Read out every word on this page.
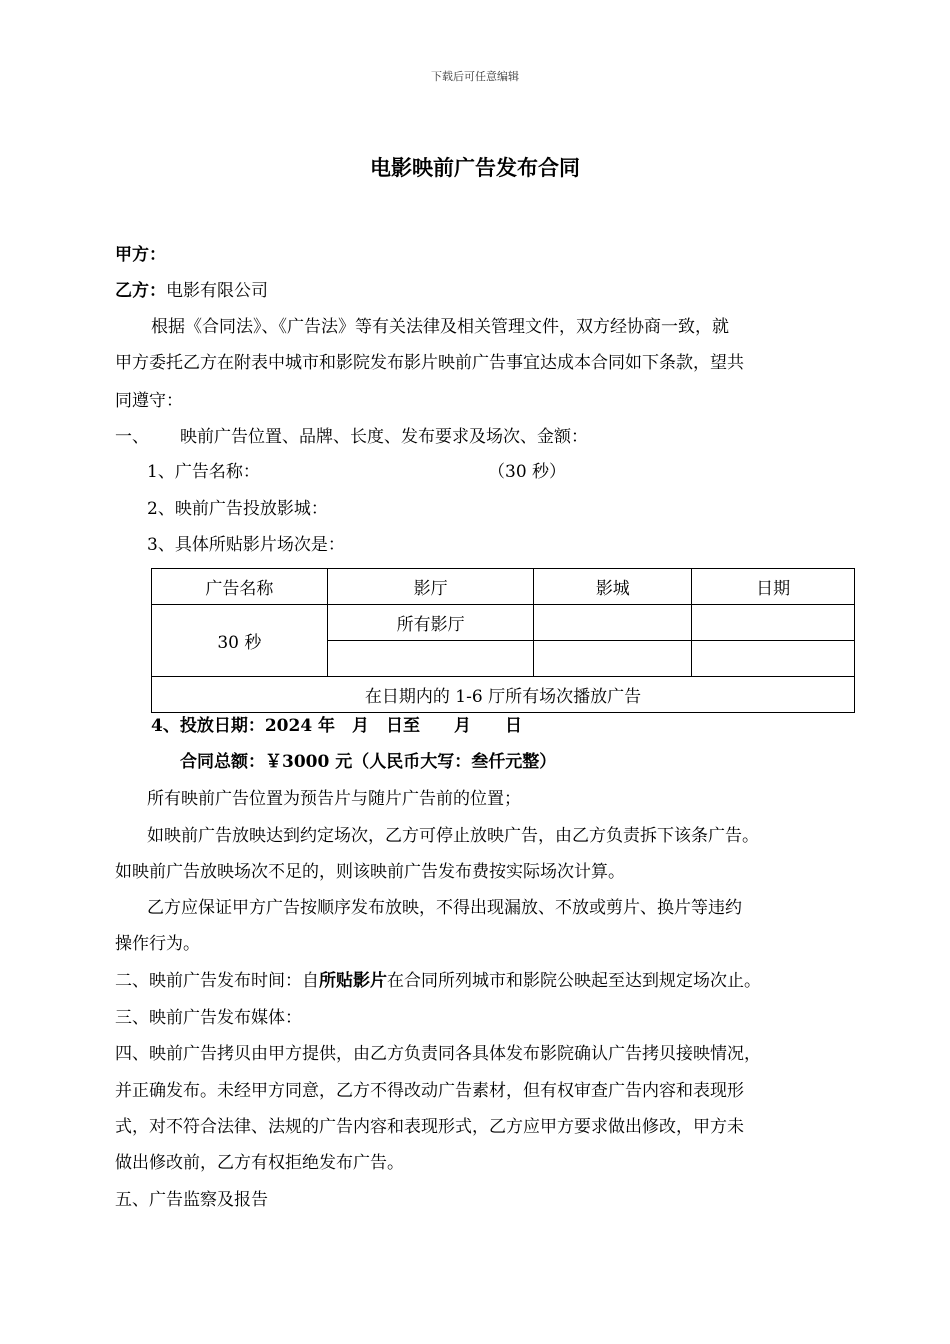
下载后可任意编辑
电影映前广告发布合同
甲方：
乙方：电影有限公司
根据《合同法》、《广告法》等有关法律及相关管理文件，双方经协商一致，就
甲方委托乙方在附表中城市和影院发布影片映前广告事宜达成本合同如下条款，望共
同遵守：
一、 映前广告位置、品牌、长度、发布要求及场次、金额：
1、广告名称：	（30 秒）
2、映前广告投放影城：
3、具体所贴影片场次是：
广告名称	影厅	影城	日期
30 秒	所有影厅		

在日期内的 1-6 厅所有场次播放广告			
4、投放日期：2024 年　月　日至　　月　　日
合同总额：￥3000 元（人民币大写：叁仟元整）
所有映前广告位置为预告片与随片广告前的位置；
如映前广告放映达到约定场次，乙方可停止放映广告，由乙方负责拆下该条广告。
如映前广告放映场次不足的，则该映前广告发布费按实际场次计算。
乙方应保证甲方广告按顺序发布放映，不得出现漏放、不放或剪片、换片等违约
操作行为。
二、映前广告发布时间：自所贴影片在合同所列城市和影院公映起至达到规定场次止。
三、映前广告发布媒体：
四、映前广告拷贝由甲方提供，由乙方负责同各具体发布影院确认广告拷贝接映情况，
并正确发布。未经甲方同意，乙方不得改动广告素材，但有权审查广告内容和表现形
式，对不符合法律、法规的广告内容和表现形式，乙方应甲方要求做出修改，甲方未
做出修改前，乙方有权拒绝发布广告。
五、广告监察及报告
